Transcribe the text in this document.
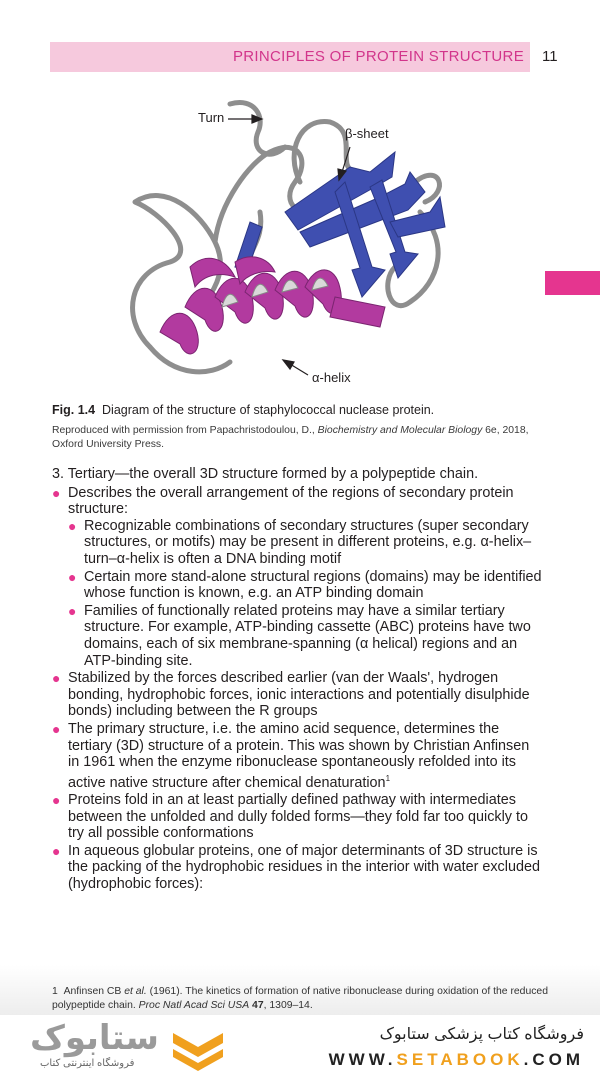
PRINCIPLES OF PROTEIN STRUCTURE 11
Turn
β-sheet
α-helix
Fig. 1.4 Diagram of the structure of staphylococcal nuclease protein.
Reproduced with permission from Papachristodoulou, D., Biochemistry and Molecular Biology 6e, 2018, Oxford University Press.
3. Tertiary—the overall 3D structure formed by a polypeptide chain.
● Describes the overall arrangement of the regions of secondary protein structure:
● Recognizable combinations of secondary structures (super secondary structures, or motifs) may be present in different proteins, e.g. α-helix–turn–α-helix is often a DNA binding motif
● Certain more stand-alone structural regions (domains) may be identified whose function is known, e.g. an ATP binding domain
● Families of functionally related proteins may have a similar tertiary structure. For example, ATP-binding cassette (ABC) proteins have two domains, each of six membrane-spanning (α helical) regions and an ATP-binding site.
● Stabilized by the forces described earlier (van der Waals', hydrogen bonding, hydrophobic forces, ionic interactions and potentially disulphide bonds) including between the R groups
● The primary structure, i.e. the amino acid sequence, determines the tertiary (3D) structure of a protein. This was shown by Christian Anfinsen in 1961 when the enzyme ribonuclease spontaneously refolded into its active native structure after chemical denaturation$^1$
● Proteins fold in an at least partially defined pathway with intermediates between the unfolded and dully folded forms—they fold far too quickly to try all possible conformations
● In aqueous globular proteins, one of major determinants of 3D structure is the packing of the hydrophobic residues in the interior with water excluded (hydrophobic forces):
1 Anfinsen CB et al. (1961). The kinetics of formation of native ribonuclease during oxidation of the reduced polypeptide chain. Proc Natl Acad Sci USA 47, 1309–14.
ستابوک
فروشگاه اینترنتی کتاب
فروشگاه کتاب پزشکی ستابوک
WWW.SETABOOK.COM
